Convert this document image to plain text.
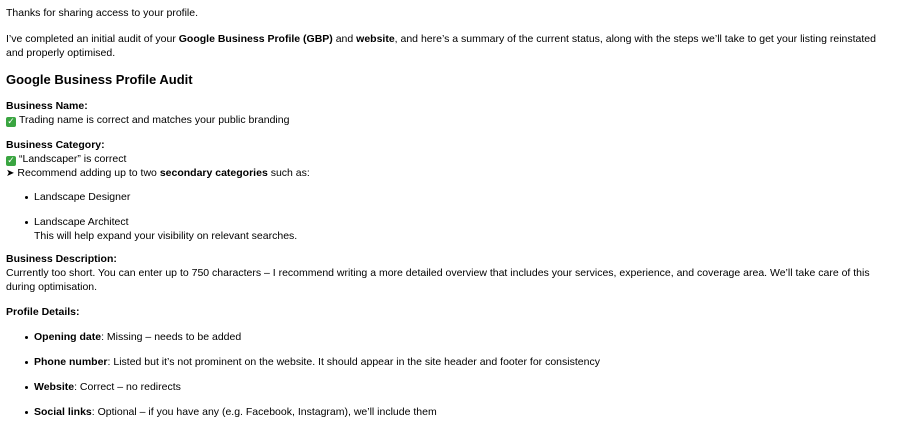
Thanks for sharing access to your profile.

I’ve completed an initial audit of your Google Business Profile (GBP) and website, and here’s a summary of the current status, along with the steps we’ll take to get your listing reinstated and properly optimised.

Google Business Profile Audit
Business Name:
✓ Trading name is correct and matches your public branding
Business Category:
✓ “Landscaper” is correct
➤ Recommend adding up to two secondary categories such as:
Landscape Designer
Landscape Architect
This will help expand your visibility on relevant searches.
Business Description:
Currently too short. You can enter up to 750 characters – I recommend writing a more detailed overview that includes your services, experience, and coverage area. We’ll take care of this during optimisation.
Profile Details:
Opening date: Missing – needs to be added
Phone number: Listed but it’s not prominent on the website. It should appear in the site header and footer for consistency
Website: Correct – no redirects
Social links: Optional – if you have any (e.g. Facebook, Instagram), we’ll include them
